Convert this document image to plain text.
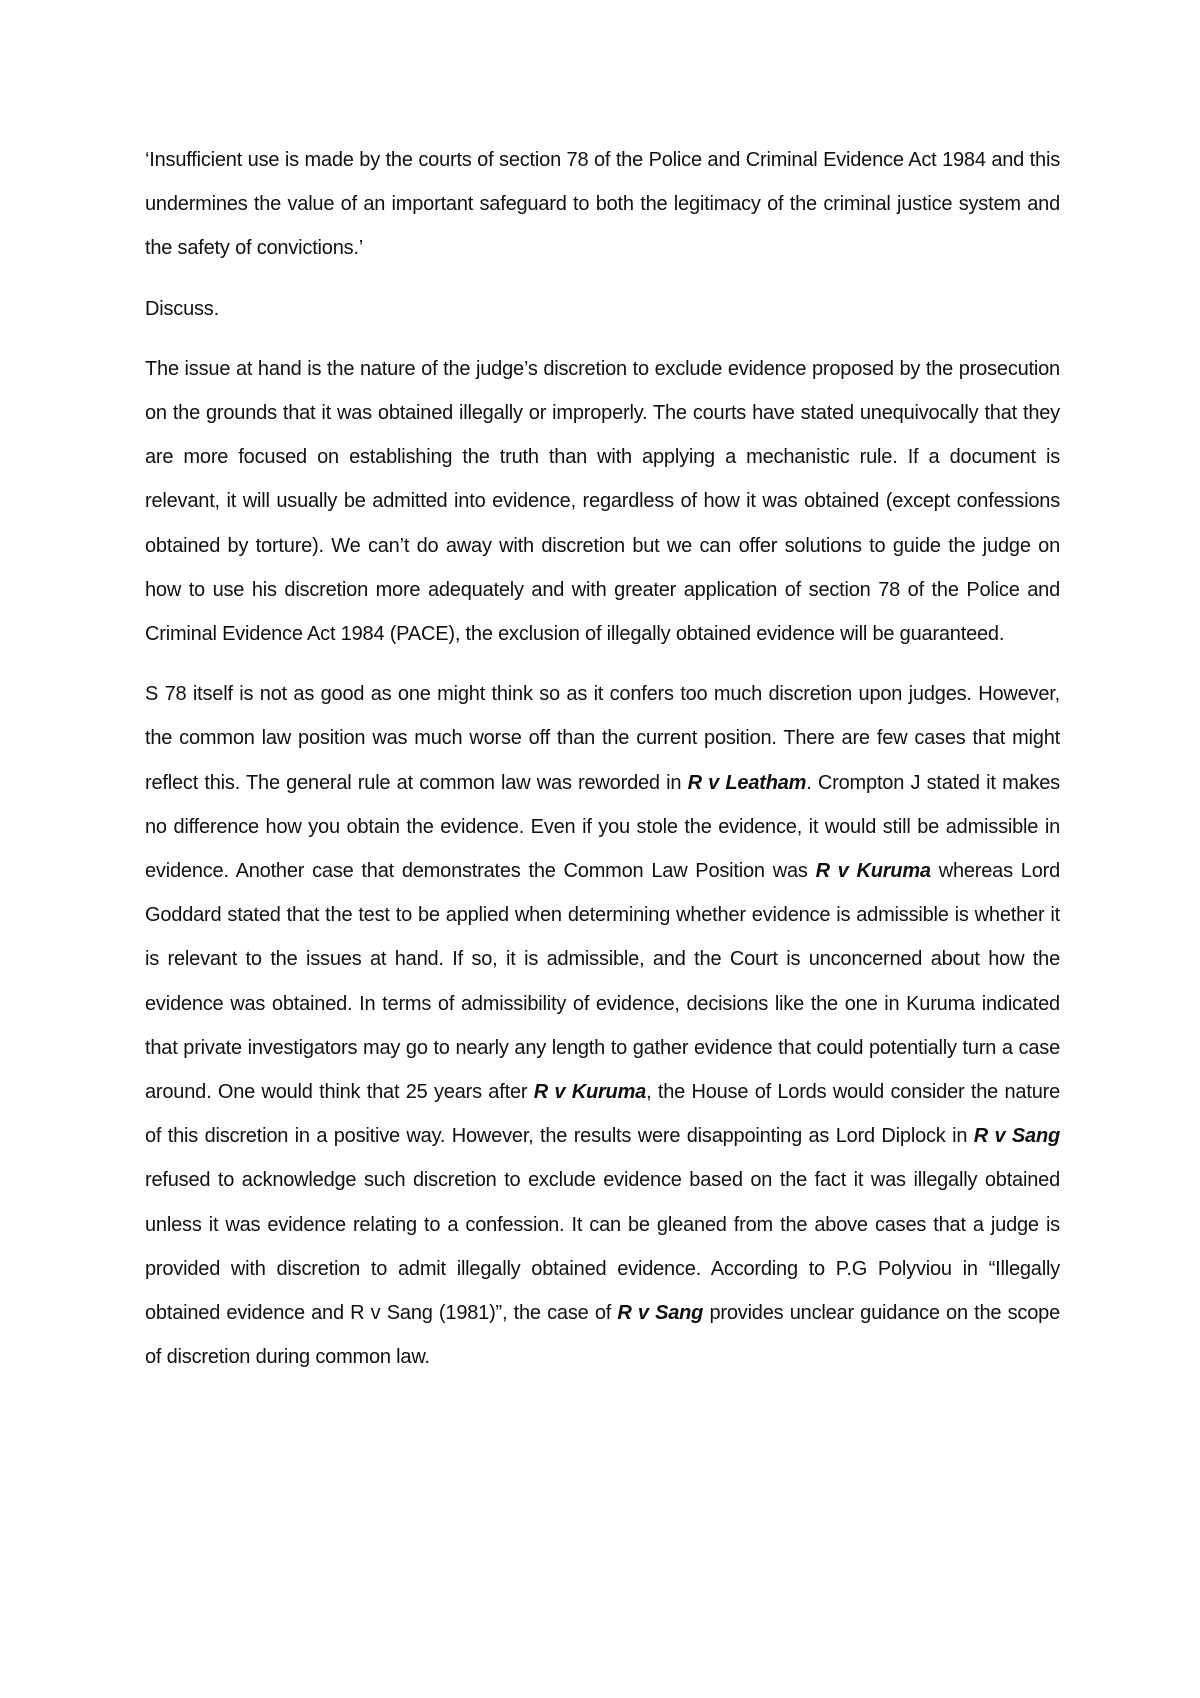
‘Insufficient use is made by the courts of section 78 of the Police and Criminal Evidence Act 1984 and this undermines the value of an important safeguard to both the legitimacy of the criminal justice system and the safety of convictions.’

Discuss.

The issue at hand is the nature of the judge’s discretion to exclude evidence proposed by the prosecution on the grounds that it was obtained illegally or improperly. The courts have stated unequivocally that they are more focused on establishing the truth than with applying a mechanistic rule. If a document is relevant, it will usually be admitted into evidence, regardless of how it was obtained (except confessions obtained by torture). We can’t do away with discretion but we can offer solutions to guide the judge on how to use his discretion more adequately and with greater application of section 78 of the Police and Criminal Evidence Act 1984 (PACE), the exclusion of illegally obtained evidence will be guaranteed.

S 78 itself is not as good as one might think so as it confers too much discretion upon judges. However, the common law position was much worse off than the current position. There are few cases that might reflect this. The general rule at common law was reworded in R v Leatham. Crompton J stated it makes no difference how you obtain the evidence. Even if you stole the evidence, it would still be admissible in evidence. Another case that demonstrates the Common Law Position was R v Kuruma whereas Lord Goddard stated that the test to be applied when determining whether evidence is admissible is whether it is relevant to the issues at hand. If so, it is admissible, and the Court is unconcerned about how the evidence was obtained. In terms of admissibility of evidence, decisions like the one in Kuruma indicated that private investigators may go to nearly any length to gather evidence that could potentially turn a case around. One would think that 25 years after R v Kuruma, the House of Lords would consider the nature of this discretion in a positive way. However, the results were disappointing as Lord Diplock in R v Sang refused to acknowledge such discretion to exclude evidence based on the fact it was illegally obtained unless it was evidence relating to a confession. It can be gleaned from the above cases that a judge is provided with discretion to admit illegally obtained evidence. According to P.G Polyviou in “Illegally obtained evidence and R v Sang (1981)”, the case of R v Sang provides unclear guidance on the scope of discretion during common law.
